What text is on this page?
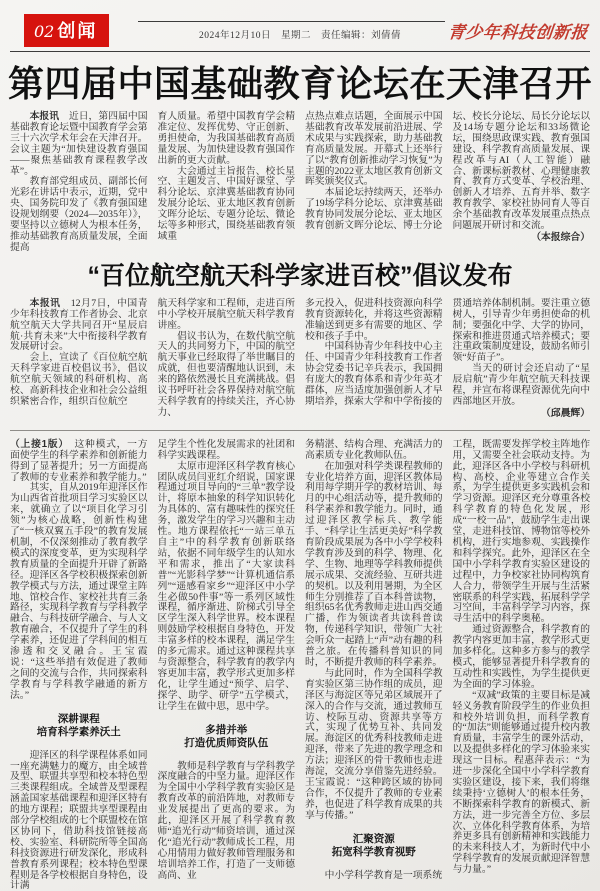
02 创闻	2024年12月10日　星期二　责任编辑：刘倩倩	青少年科技创新报
第四届中国基础教育论坛在天津召开

本报讯　近日，第四届中国基础教育论坛暨中国教育学会第三十六次学术年会在天津召开。会议主题为“加快建设教育强国——聚焦基础教育课程教学改革”。

教育部党组成员、副部长何光彩在讲话中表示，近期，党中央、国务院印发了《教育强国建设规划纲要（2024—2035年）》，要坚持以立德树人为根本任务，推动基础教育高质量发展，全面提高

育人质量。希望中国教育学会精准定位、发挥优势、守正创新、勇担使命，为我国基础教育高质量发展、为加快建设教育强国作出新的更大贡献。

大会通过主旨报告、校长星空、主题发言、中国好课堂、学科分论坛、京津冀基础教育协同发展分论坛、亚太地区教育创新文晖分论坛、专题分论坛、微论坛等多种形式，围绕基础教育领域重

点热点难点话题，全面展示中国基础教育改革发展前沿进展、学术成果与实践探索，助力基础教育高质量发展。开幕式上还举行了以“教育创新推动学习恢复”为主题的2022亚太地区教育创新文晖奖颁奖仪式。

本届论坛持续两天，还举办了19场学科分论坛、京津冀基础教育协同发展分论坛、亚太地区教育创新文晖分论坛、博士分论

坛、校长分论坛、局长分论坛以及14场专题分论坛和33场微论坛，围绕思政课实践、教育强国建设、科学教育高质量发展、课程改革与AI（人工智能）融合、新课标新教材、心理健康教育、教育方式变革、学校治理、创新人才培养、五育并举、数字教育教学、家校社协同育人等百余个基础教育改革发展重点热点问题展开研讨和交流。

（本报综合）
“百位航空航天科学家进百校”倡议发布

本报讯　12月7日，中国青少年科技教育工作者协会、北京航空航天大学共同召开“星辰启航·共育未来”大中衔接科学教育发展研讨会。

会上，宣读了《百位航空航天科学家进百校倡议书》，倡议航空航天领域的科研机构、高校、高新科技企业和社会公益组织紧密合作，组织百位航空

航天科学家和工程师，走进百所中小学校开展航空航天科学教育讲座。

倡议书认为，在数代航空航天人的共同努力下，中国的航空航天事业已经取得了举世瞩目的成就，但也要清醒地认识到，未来的路依然漫长且充满挑战。倡议书呼吁社会各界保持对航空航天科学教育的持续关注，齐心协力、

多元投入，促进科技资源向科学教育资源转化，并将这些资源精准输送到更多有需要的地区、学校和孩子手中。

中国科协青少年科技中心主任、中国青少年科技教育工作者协会党委书记辛兵表示，我国拥有庞大的教育体系和青少年英才群体，应当适度加强创新人才早期培养，探索大学和中学衔接的

贯通培养体制机制。要注重立德树人，引导青少年勇担使命的机制；要强化中学、大学的协同，探索和推进贯通式培养模式；要注重政策制度建设，鼓励名师引领“好苗子”。

当天的研讨会还启动了“星辰启航”青少年航空航天科技课程，并宣布将课程资源优先向中西部地区开放。

（邱晨辉）

（上接1版）　这种模式，一方面使学生的科学素养和创新能力得到了显著提升；另一方面提高了教师的专业素养和教学能力。”

其实，自从2019年迎泽区作为山西省首批项目学习实验区以来，就确立了以“项目化学习引领”为核心战略，创新性构建了“一核双翼五手段”的教育发展机制，不仅深刻推动了教育教学模式的深度变革，更为实现科学教育质量的全面提升开辟了新路径。迎泽区各学校积极探索创新教学模式与方法，通过课堂主阵地、馆校合作、家校社共育三条路径，实现科学教育与学科教学融合、与科技研学融合、与人文教育融合，不仅提升了学生的科学素养，还促进了学科间的相互渗透和交叉融合。王宝霞说：“这些举措有效促进了教师之间的交流与合作，共同探索科学教育与学科教学融通的新方法。”

深耕课程
培育科学素养沃土

迎泽区的科学课程体系如同一座充满魅力的魔方，由全域普及型、联盟共享型和校本特色型三类课程组成。全域普及型课程涵盖国家基础课程和迎泽区特有的地方课程；联盟共享型课程由部分学校组成的七个联盟校在馆区协同下，借助科技馆链接高校、实验室、科研院所等全国高科技资源进行研发深化，形成科普教育系列课程；校本特色型课程则是各学校根据自身特色，设计满

足学生个性化发展需求的社团和科学实践课程。

太原市迎泽区科学教育核心团队成员闫亚红介绍说，国家课程通过项目导向的“三单”教学设计，将原本抽象的科学知识转化为具体的、富有趣味性的探究任务，激发学生的学习兴趣和主动性。地方课程依托“一站三单五自主”中的科学教育创新联络站，依据不同年级学生的认知水平和需求，推出了“大家读科普”“光影科学梦”“计算机通信系列”“遥感看家乡”“迎泽区中小学生必做50件事”等一系列区域性课程，循序渐进、阶梯式引导全区学生深入科学世界。校本课程则鼓励学校根据自身特色，开发丰富多样的校本课程，满足学生的多元需求。通过这种课程共享与资源整合，科学教育的教学内容更加丰富，教学形式更加多样化，让学生通过“预学、启学、探学、助学、研学”五学模式，让学生在做中思，思中学。

多措并举
打造优质师资队伍

教师是科学教育与学科教学深度融合的中坚力量。迎泽区作为全国中小学科学教育实验区是教育改革的前沿阵地，对教师专业发展提出了更高的要求。为此，迎泽区开展了科学教育教师“追光行动”师资培训，通过深化“追光行动”教师成长工程，用心用情用力做好教师管理服务和培训培养工作，打造了一支师德高尚、业

务精湛、结构合理、充满活力的高素质专业化教师队伍。

在加强对科学类课程教师的专业化培养方面，迎泽区教体局利用每学期开学的教材培训、每月的中心组活动等，提升教师的科学素养和教学能力。同时，通过迎泽区教学标兵、教学能手、“科学让生活更美好”科学教育阶段成果展为各中小学学校科学教育涉及到的科学、物理、化学、生物、地理等学科教师提供展示成果、交流经验、互研共进的契机。以及利用暑期，为全区师生分别推荐了百本科普读物，组织65名优秀教师走进山西交通广播，作为领读者共读科普读物，传递科学知识，带领广大社会听众一起踏上“声”动有趣的科普之旅。在传播科普知识的同时，不断提升教师的科学素养。

与此同时，作为全国科学教育实验区第三协作组的成员，迎泽区与海淀区等兄弟区域展开了深入的合作与交流，通过教师互访、校际互动、资源共享等方式，实现了优势互补、共同发展。海淀区的优秀科技教师走进迎泽，带来了先进的教学理念和方法；迎泽区的骨干教师也走进海淀，交流分享借鉴先进经验。王宝霞说：“这种跨区域的协同合作，不仅提升了教师的专业素养，也促进了科学教育成果的共享与传播。”

汇聚资源
拓宽科学教育视野

中小学科学教育是一项系统

工程，既需要发挥学校主阵地作用，又需要全社会联动支持。为此，迎泽区各中小学校与科研机构、高校、企业等建立合作关系，为学生提供更多实践机会和学习资源。迎泽区充分尊重各校科学教育的特色化发展，形成“一校一品”，鼓励学生走出课堂，走进科技馆、博物馆等校外机构，进行实地参观、实践操作和科学探究。此外，迎泽区在全国中小学科学教育实验区建设的过程中，力争校家社协同构筑育人合力，带领学生开展与生活紧密联系的科学实践，拓展科学学习空间，丰富科学学习内容，探寻生活中的科学奥秘。

通过资源整合，科学教育的教学内容更加丰富，教学形式更加多样化。这种多方参与的教学模式，能够显著提升科学教育的互动性和实践性，为学生提供更为全面的学习体验。

“双减”政策的主要目标是减轻义务教育阶段学生的作业负担和校外培训负担，而科学教育的“加法”则能够通过提升校内教育质量，丰富学生的课外活动，以及提供多样化的学习体验来实现这一目标。程惠萍表示：“为进一步深化全国中小学科学教育实验区建设，接下来，我们将继续秉持‘立德树人’的根本任务，不断探索科学教育的新模式、新方法，进一步完善全方位、多层次、立体化科学教育体系，为培养更多具有创新精神和实践能力的未来科技人才，为新时代中小学科学教育的发展贡献迎泽智慧与力量。”
